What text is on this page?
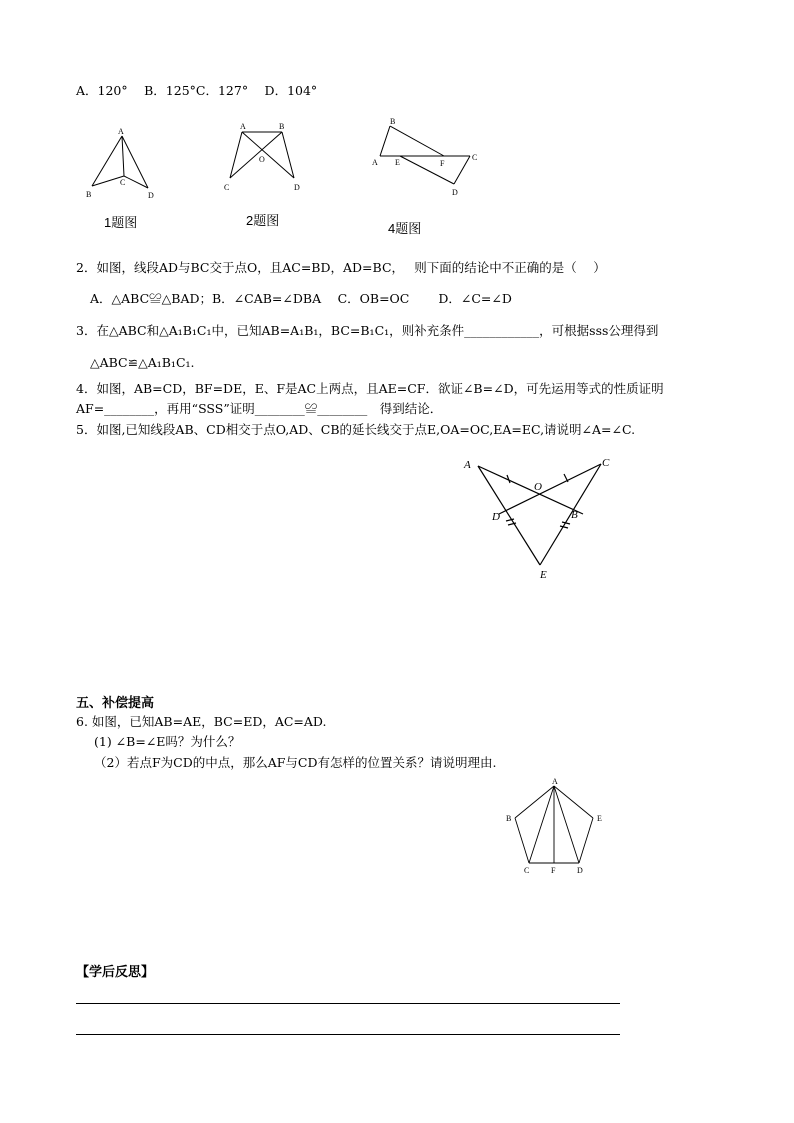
A．120°　 B．125°C．127°　 D．104°
A
B
C
D
1题图
A	B
O
C	D
2题图
B
A E	F
C
D
4题图
2．如图，线段AD与BC交于点O，且AC=BD，AD=BC，　 则下面的结论中不正确的是（　 ）
A．△ABC≌△BAD；B．∠CAB=∠DBA　 C．OB=OC　　 D．∠C=∠D
3．在△ABC和△A₁B₁C₁中，已知AB=A₁B₁，BC=B₁C₁，则补充条件____________，可根据sss公理得到
△ABC≌△A₁B₁C₁.
4．如图，AB=CD，BF=DE，E、F是AC上两点，且AE=CF．欲证∠B=∠D，可先运用等式的性质证明
AF=________，再用“SSS”证明________≌________　得到结论．
5．如图,已知线段AB、CD相交于点O,AD、CB的延长线交于点E,OA=OC,EA=EC,请说明∠A=∠C.
A	C
O
D	B
E
五、补偿提高
6. 如图，已知AB=AE，BC=ED，AC=AD.
(1) ∠B=∠E吗？为什么？
（2）若点F为CD的中点，那么AF与CD有怎样的位置关系？请说明理由.
A
B	E
C	F	D
【学后反思】
